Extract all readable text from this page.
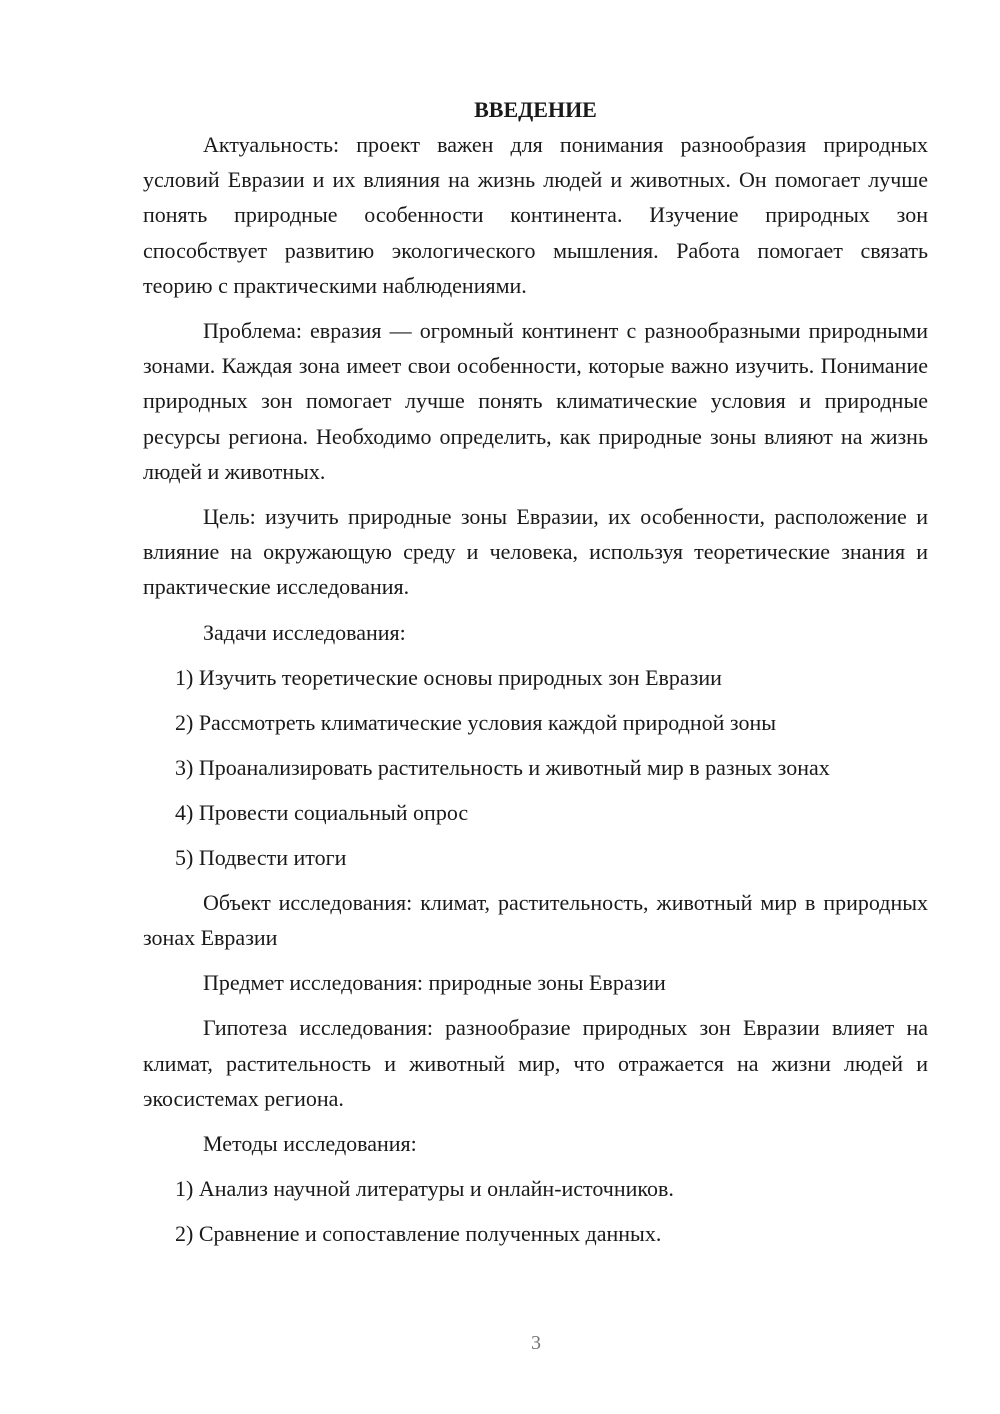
ВВЕДЕНИЕ

Актуальность: проект важен для понимания разнообразия природных условий Евразии и их влияния на жизнь людей и животных. Он помогает лучше понять природные особенности континента. Изучение природных зон способствует развитию экологического мышления. Работа помогает связать теорию с практическими наблюдениями.

Проблема: евразия — огромный континент с разнообразными природными зонами. Каждая зона имеет свои особенности, которые важно изучить. Понимание природных зон помогает лучше понять климатические условия и природные ресурсы региона. Необходимо определить, как природные зоны влияют на жизнь людей и животных.

Цель: изучить природные зоны Евразии, их особенности, расположение и влияние на окружающую среду и человека, используя теоретические знания и практические исследования.

Задачи исследования:

1) Изучить теоретические основы природных зон Евразии
2) Рассмотреть климатические условия каждой природной зоны
3) Проанализировать растительность и животный мир в разных зонах
4) Провести социальный опрос
5) Подвести итоги

Объект исследования: климат, растительность, животный мир в природных зонах Евразии

Предмет исследования: природные зоны Евразии

Гипотеза исследования: разнообразие природных зон Евразии влияет на климат, растительность и животный мир, что отражается на жизни людей и экосистемах региона.

Методы исследования:

1) Анализ научной литературы и онлайн-источников.
2) Сравнение и сопоставление полученных данных.
3
